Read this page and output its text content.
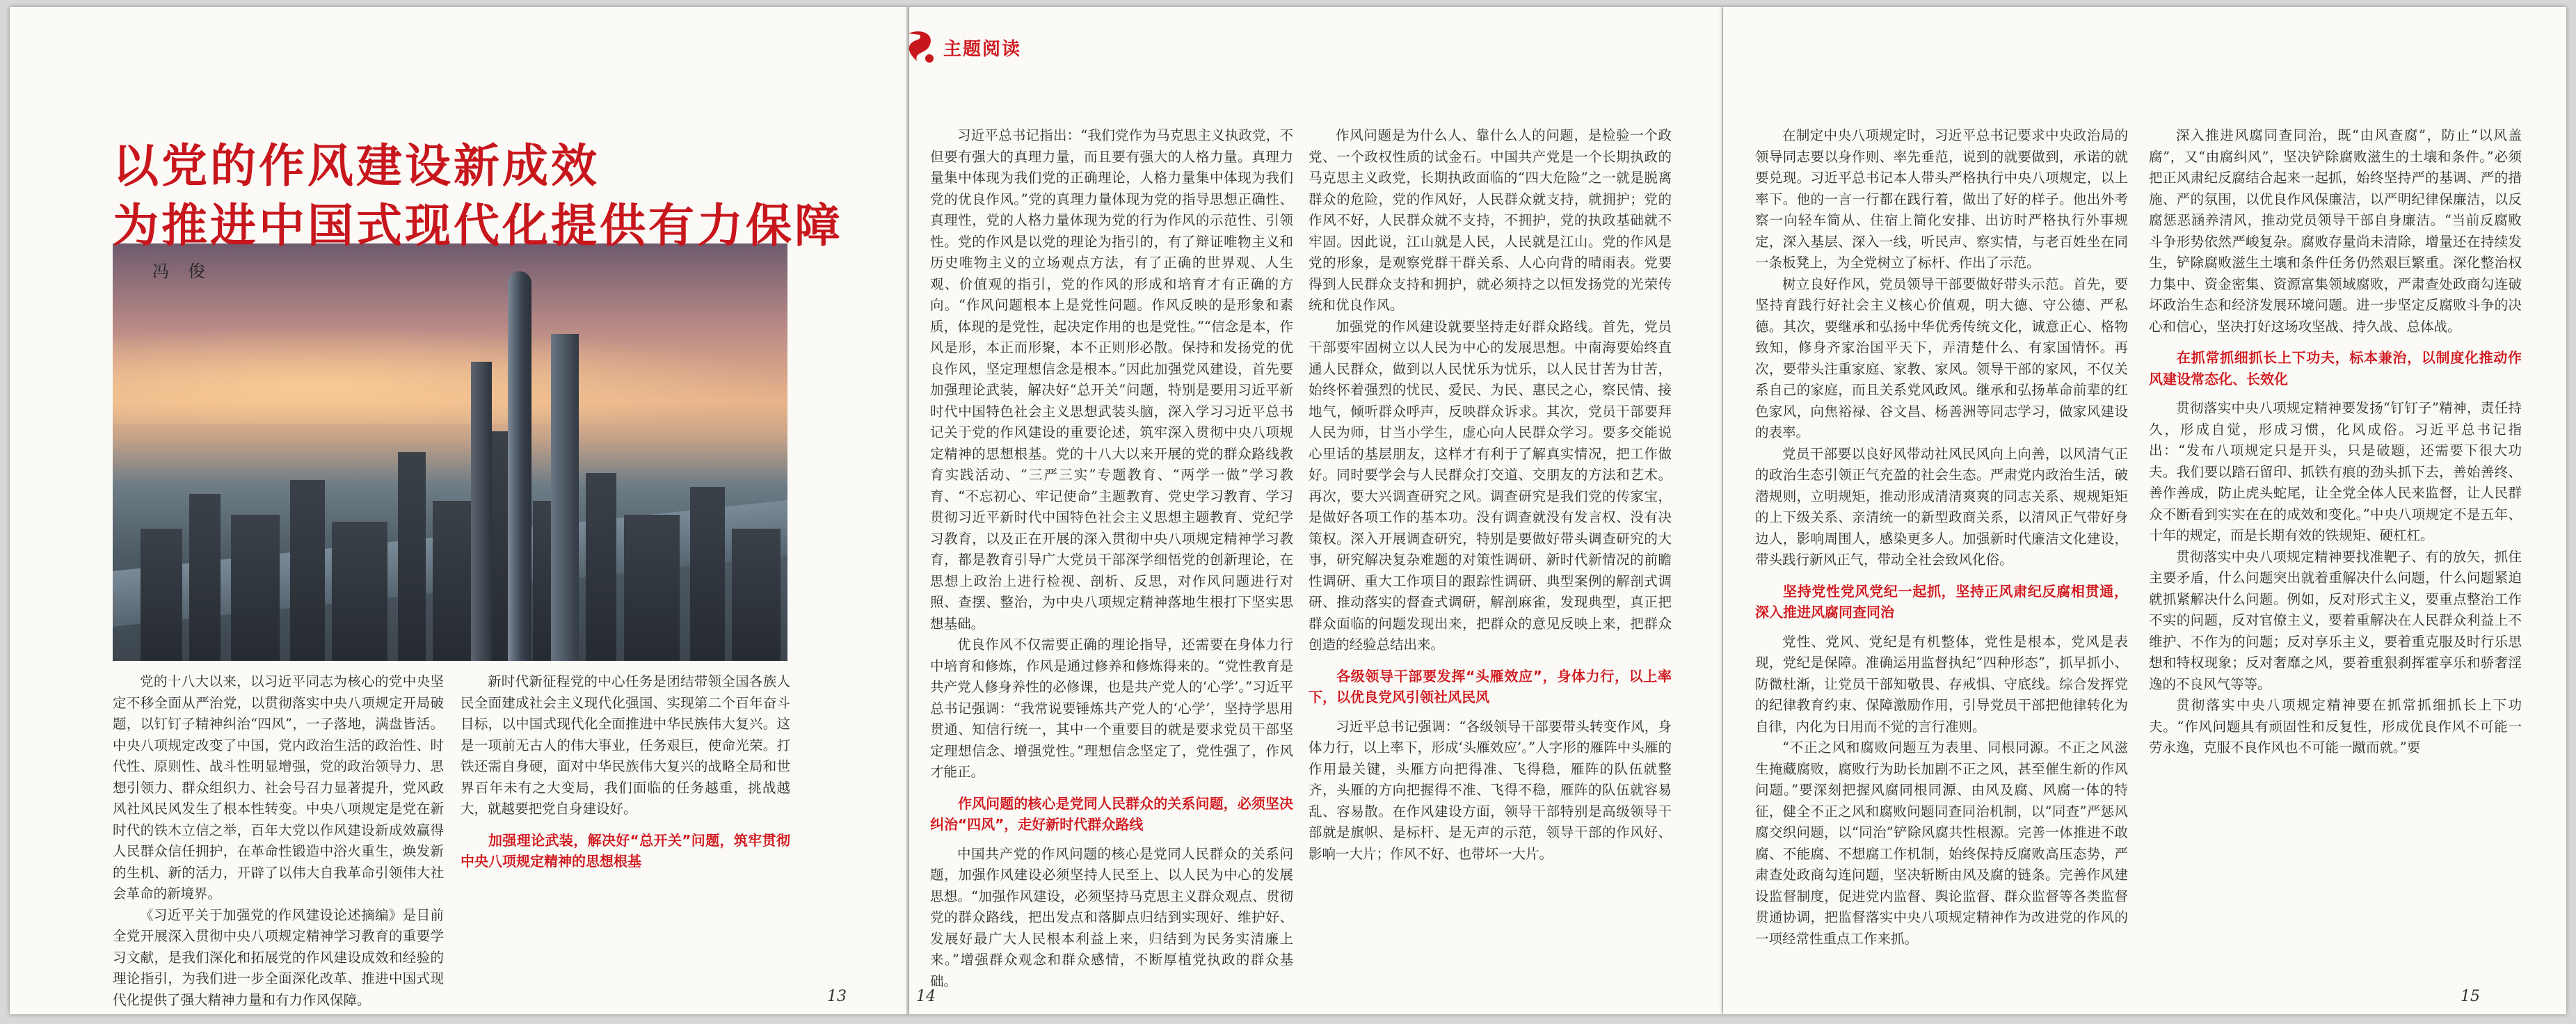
以党的作风建设新成效
为推进中国式现代化提供有力保障
冯 俊

党的十八大以来，以习近平同志为核心的党中央坚定不移全面从严治党，以贯彻落实中央八项规定开局破题，以钉钉子精神纠治“四风”，一子落地，满盘皆活。中央八项规定改变了中国，党内政治生活的政治性、时代性、原则性、战斗性明显增强，党的政治领导力、思想引领力、群众组织力、社会号召力显著提升，党风政风社风民风发生了根本性转变。中央八项规定是党在新时代的铁木立信之举，百年大党以作风建设新成效赢得人民群众信任拥护，在革命性锻造中浴火重生，焕发新的生机、新的活力，开辟了以伟大自我革命引领伟大社会革命的新境界。

《习近平关于加强党的作风建设论述摘编》是目前全党开展深入贯彻中央八项规定精神学习教育的重要学习文献，是我们深化和拓展党的作风建设成效和经验的理论指引，为我们进一步全面深化改革、推进中国式现代化提供了强大精神力量和有力作风保障。

新时代新征程党的中心任务是团结带领全国各族人民全面建成社会主义现代化强国、实现第二个百年奋斗目标，以中国式现代化全面推进中华民族伟大复兴。这是一项前无古人的伟大事业，任务艰巨，使命光荣。打铁还需自身硬，面对中华民族伟大复兴的战略全局和世界百年未有之大变局，我们面临的任务越重，挑战越大，就越要把党自身建设好。

加强理论武装，解决好“总开关”问题，筑牢贯彻中央八项规定精神的思想根基
13

习近平总书记指出：“我们党作为马克思主义执政党，不但要有强大的真理力量，而且要有强大的人格力量。真理力量集中体现为我们党的正确理论，人格力量集中体现为我们党的优良作风。”党的真理力量体现为党的指导思想正确性、真理性，党的人格力量体现为党的行为作风的示范性、引领性。党的作风是以党的理论为指引的，有了辩证唯物主义和历史唯物主义的立场观点方法，有了正确的世界观、人生观、价值观的指引，党的作风的形成和培育才有正确的方向。“作风问题根本上是党性问题。作风反映的是形象和素质，体现的是党性，起决定作用的也是党性。”“信念是本，作风是形，本正而形聚，本不正则形必散。保持和发扬党的优良作风，坚定理想信念是根本。”因此加强党风建设，首先要加强理论武装，解决好“总开关”问题，特别是要用习近平新时代中国特色社会主义思想武装头脑，深入学习习近平总书记关于党的作风建设的重要论述，筑牢深入贯彻中央八项规定精神的思想根基。党的十八大以来开展的党的群众路线教育实践活动、“三严三实”专题教育、“两学一做”学习教育、“不忘初心、牢记使命”主题教育、党史学习教育、学习贯彻习近平新时代中国特色社会主义思想主题教育、党纪学习教育，以及正在开展的深入贯彻中央八项规定精神学习教育，都是教育引导广大党员干部深学细悟党的创新理论，在思想上政治上进行检视、剖析、反思，对作风问题进行对照、查摆、整治，为中央八项规定精神落地生根打下坚实思想基础。

优良作风不仅需要正确的理论指导，还需要在身体力行中培育和修炼，作风是通过修养和修炼得来的。“党性教育是共产党人修身养性的必修课，也是共产党人的‘心学’。”习近平总书记强调：“我常说要锤炼共产党人的‘心学’，坚持学思用贯通、知信行统一，其中一个重要目的就是要求党员干部坚定理想信念、增强党性。”理想信念坚定了，党性强了，作风才能正。

作风问题的核心是党同人民群众的关系问题，必须坚决纠治“四风”，走好新时代群众路线

中国共产党的作风问题的核心是党同人民群众的关系问题，加强作风建设必须坚持人民至上、以人民为中心的发展思想。“加强作风建设，必须坚持马克思主义群众观点、贯彻党的群众路线，把出发点和落脚点归结到实现好、维护好、发展好最广大人民根本利益上来，归结到为民务实清廉上来。”增强群众观念和群众感情，不断厚植党执政的群众基础。

作风问题是为什么人、靠什么人的问题，是检验一个政党、一个政权性质的试金石。中国共产党是一个长期执政的马克思主义政党，长期执政面临的“四大危险”之一就是脱离群众的危险，党的作风好，人民群众就支持，就拥护；党的作风不好，人民群众就不支持，不拥护，党的执政基础就不牢固。因此说，江山就是人民，人民就是江山。党的作风是党的形象，是观察党群干群关系、人心向背的晴雨表。党要得到人民群众支持和拥护，就必须持之以恒发扬党的光荣传统和优良作风。

加强党的作风建设就要坚持走好群众路线。首先，党员干部要牢固树立以人民为中心的发展思想。中南海要始终直通人民群众，做到以人民忧乐为忧乐，以人民甘苦为甘苦，始终怀着强烈的忧民、爱民、为民、惠民之心，察民情、接地气，倾听群众呼声，反映群众诉求。其次，党员干部要拜人民为师，甘当小学生，虚心向人民群众学习。要多交能说心里话的基层朋友，这样才有利于了解真实情况，把工作做好。同时要学会与人民群众打交道、交朋友的方法和艺术。再次，要大兴调查研究之风。调查研究是我们党的传家宝，是做好各项工作的基本功。没有调查就没有发言权、没有决策权。深入开展调查研究，特别是要做好带头调查研究的大事，研究解决复杂难题的对策性调研、新时代新情况的前瞻性调研、重大工作项目的跟踪性调研、典型案例的解剖式调研、推动落实的督查式调研，解剖麻雀，发现典型，真正把群众面临的问题发现出来，把群众的意见反映上来，把群众创造的经验总结出来。

各级领导干部要发挥“头雁效应”，身体力行，以上率下，以优良党风引领社风民风

习近平总书记强调：“各级领导干部要带头转变作风，身体力行，以上率下，形成‘头雁效应’。”人字形的雁阵中头雁的作用最关键，头雁方向把得准、飞得稳，雁阵的队伍就整齐，头雁的方向把握得不准、飞得不稳，雁阵的队伍就容易乱、容易散。在作风建设方面，领导干部特别是高级领导干部就是旗帜、是标杆、是无声的示范，领导干部的作风好、影响一大片；作风不好、也带坏一大片。

14
主题阅读

在制定中央八项规定时，习近平总书记要求中央政治局的领导同志要以身作则、率先垂范，说到的就要做到，承诺的就要兑现。习近平总书记本人带头严格执行中央八项规定，以上率下。他的一言一行都在践行着，做出了好的样子。他出外考察一向轻车简从、住宿上简化安排、出访时严格执行外事规定，深入基层、深入一线，听民声、察实情，与老百姓坐在同一条板凳上，为全党树立了标杆、作出了示范。

树立良好作风，党员领导干部要做好带头示范。首先，要坚持育践行好社会主义核心价值观，明大德、守公德、严私德。其次，要继承和弘扬中华优秀传统文化，诚意正心、格物致知，修身齐家治国平天下，弄清楚什么、有家国情怀。再次，要带头注重家庭、家教、家风。领导干部的家风，不仅关系自己的家庭，而且关系党风政风。继承和弘扬革命前辈的红色家风，向焦裕禄、谷文昌、杨善洲等同志学习，做家风建设的表率。

党员干部要以良好风带动社风民风向上向善，以风清气正的政治生态引领正气充盈的社会生态。严肃党内政治生活，破潜规则，立明规矩，推动形成清清爽爽的同志关系、规规矩矩的上下级关系、亲清统一的新型政商关系，以清风正气带好身边人，影响周围人，感染更多人。加强新时代廉洁文化建设，带头践行新风正气，带动全社会致风化俗。

坚持党性党风党纪一起抓，坚持正风肃纪反腐相贯通，深入推进风腐同查同治

党性、党风、党纪是有机整体，党性是根本，党风是表现，党纪是保障。准确运用监督执纪“四种形态”，抓早抓小、防微杜渐，让党员干部知敬畏、存戒惧、守底线。综合发挥党的纪律教育约束、保障激励作用，引导党员干部把他律转化为自律，内化为日用而不觉的言行准则。

“不正之风和腐败问题互为表里、同根同源。不正之风滋生掩藏腐败，腐败行为助长加剧不正之风，甚至催生新的作风问题。”要深刻把握风腐同根同源、由风及腐、风腐一体的特征，健全不正之风和腐败问题同查同治机制，以“同查”严惩风腐交织问题，以“同治”铲除风腐共性根源。完善一体推进不敢腐、不能腐、不想腐工作机制，始终保持反腐败高压态势，严肃查处政商勾连问题，坚决斩断由风及腐的链条。完善作风建设监督制度，促进党内监督、舆论监督、群众监督等各类监督贯通协调，把监督落实中央八项规定精神作为改进党的作风的一项经常性重点工作来抓。

深入推进风腐同查同治，既“由风查腐”，防止“以风盖腐”，又“由腐纠风”，坚决铲除腐败滋生的土壤和条件。”必须把正风肃纪反腐结合起来一起抓，始终坚持严的基调、严的措施、严的氛围，以优良作风保廉洁，以严明纪律保廉洁，以反腐惩恶涵养清风，推动党员领导干部自身廉洁。“当前反腐败斗争形势依然严峻复杂。腐败存量尚未清除，增量还在持续发生，铲除腐败滋生土壤和条件任务仍然艰巨繁重。深化整治权力集中、资金密集、资源富集领域腐败，严肃查处政商勾连破坏政治生态和经济发展环境问题。进一步坚定反腐败斗争的决心和信心，坚决打好这场攻坚战、持久战、总体战。

在抓常抓细抓长上下功夫，标本兼治，以制度化推动作风建设常态化、长效化

贯彻落实中央八项规定精神要发扬“钉钉子”精神，责任持久，形成自觉，形成习惯，化风成俗。习近平总书记指出：“发布八项规定只是开头，只是破题，还需要下很大功夫。我们要以踏石留印、抓铁有痕的劲头抓下去，善始善终、善作善成，防止虎头蛇尾，让全党全体人民来监督，让人民群众不断看到实实在在的成效和变化。”中央八项规定不是五年、十年的规定，而是长期有效的铁规矩、硬杠杠。

贯彻落实中央八项规定精神要找准靶子、有的放矢，抓住主要矛盾，什么问题突出就着重解决什么问题，什么问题紧迫就抓紧解决什么问题。例如，反对形式主义，要重点整治工作不实的问题，反对官僚主义，要着重解决在人民群众利益上不维护、不作为的问题；反对享乐主义，要着重克服及时行乐思想和特权现象；反对奢靡之风，要着重狠刹挥霍享乐和骄奢淫逸的不良风气等等。

贯彻落实中央八项规定精神要在抓常抓细抓长上下功夫。“作风问题具有顽固性和反复性，形成优良作风不可能一劳永逸，克服不良作风也不可能一蹴而就。”要

15
